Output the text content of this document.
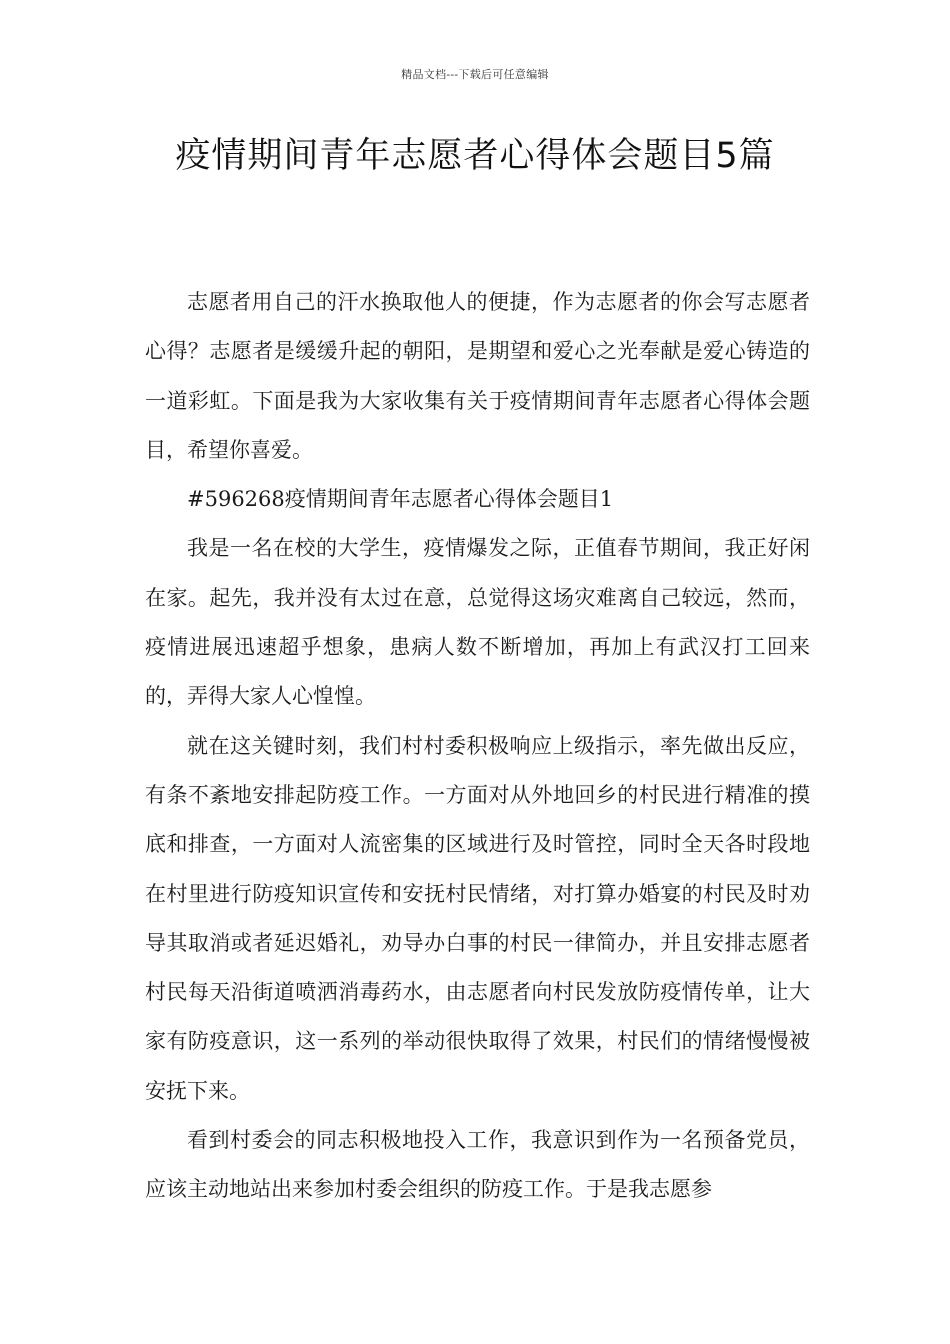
精品文档---下载后可任意编辑
疫情期间青年志愿者心得体会题目5篇

志愿者用自己的汗水换取他人的便捷，作为志愿者的你会写志愿者心得？志愿者是缓缓升起的朝阳，是期望和爱心之光奉献是爱心铸造的一道彩虹。下面是我为大家收集有关于疫情期间青年志愿者心得体会题目，希望你喜爱。

#596268疫情期间青年志愿者心得体会题目1

我是一名在校的大学生，疫情爆发之际，正值春节期间，我正好闲在家。起先，我并没有太过在意，总觉得这场灾难离自己较远，然而，疫情进展迅速超乎想象，患病人数不断增加，再加上有武汉打工回来的，弄得大家人心惶惶。

就在这关键时刻，我们村村委积极响应上级指示，率先做出反应，有条不紊地安排起防疫工作。一方面对从外地回乡的村民进行精准的摸底和排查，一方面对人流密集的区域进行及时管控，同时全天各时段地在村里进行防疫知识宣传和安抚村民情绪，对打算办婚宴的村民及时劝导其取消或者延迟婚礼，劝导办白事的村民一律简办，并且安排志愿者村民每天沿街道喷洒消毒药水，由志愿者向村民发放防疫情传单，让大家有防疫意识，这一系列的举动很快取得了效果，村民们的情绪慢慢被安抚下来。

看到村委会的同志积极地投入工作，我意识到作为一名预备党员，应该主动地站出来参加村委会组织的防疫工作。于是我志愿参
